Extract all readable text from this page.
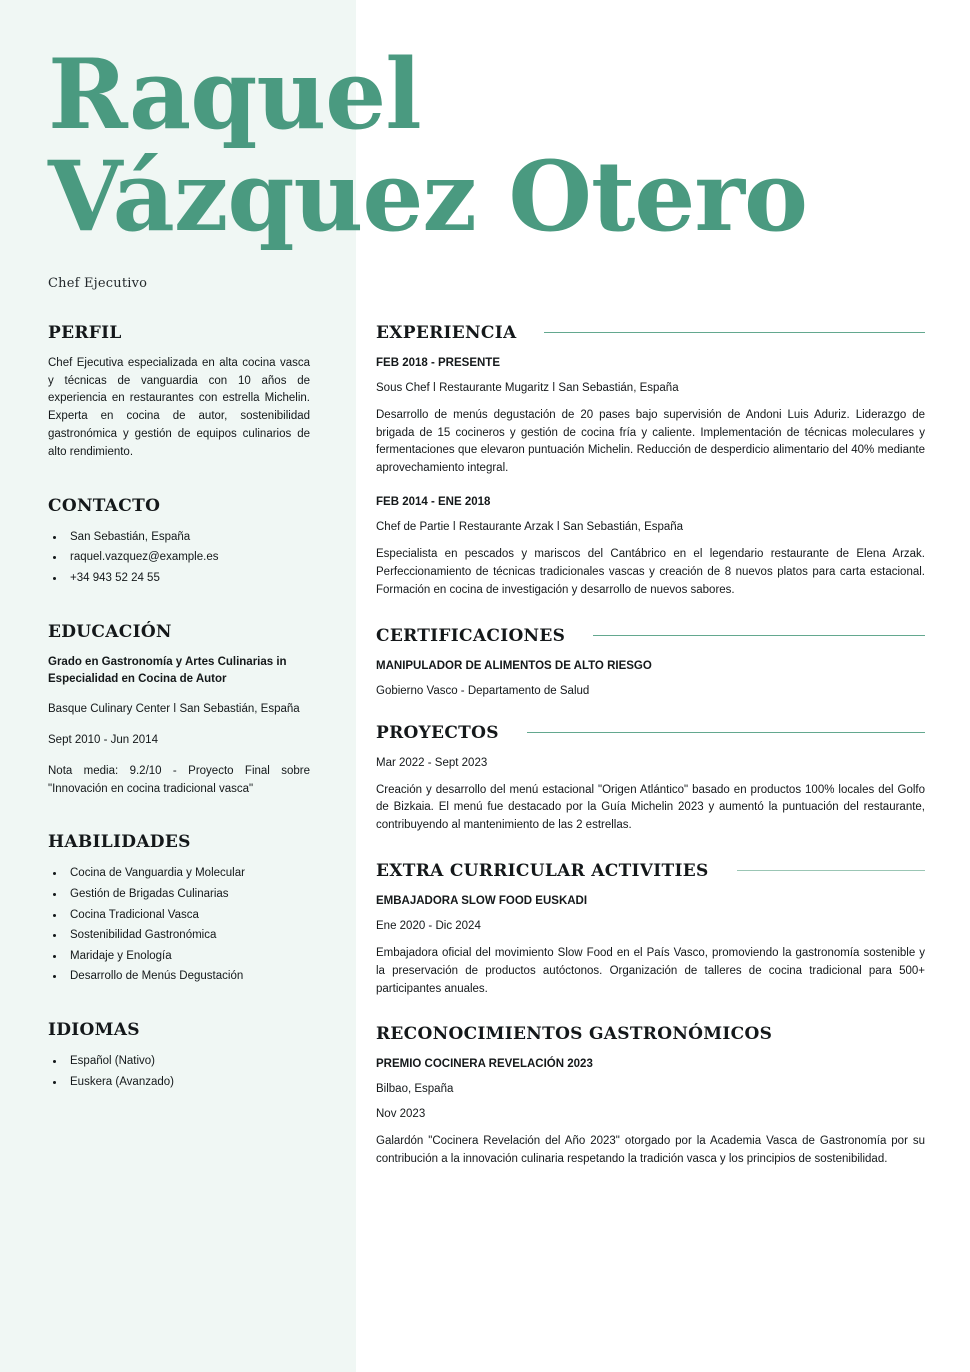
Raquel
Vázquez Otero
Chef Ejecutivo
PERFIL

Chef Ejecutiva especializada en alta cocina vasca y técnicas de vanguardia con 10 años de experiencia en restaurantes con estrella Michelin. Experta en cocina de autor, sostenibilidad gastronómica y gestión de equipos culinarios de alto rendimiento.

CONTACTO
San Sebastián, España
raquel.vazquez@example.es
+34 943 52 24 55
EDUCACIÓN

Grado en Gastronomía y Artes Culinarias in Especialidad en Cocina de Autor

Basque Culinary Center ǀ San Sebastián, España

Sept 2010 - Jun 2014

Nota media: 9.2/10 - Proyecto Final sobre "Innovación en cocina tradicional vasca"

HABILIDADES
Cocina de Vanguardia y Molecular
Gestión de Brigadas Culinarias
Cocina Tradicional Vasca
Sostenibilidad Gastronómica
Maridaje y Enología
Desarrollo de Menús Degustación
IDIOMAS
Español (Nativo)
Euskera (Avanzado)
EXPERIENCIA

FEB 2018 - PRESENTE

Sous Chef ǀ Restaurante Mugaritz ǀ San Sebastián, España

Desarrollo de menús degustación de 20 pases bajo supervisión de Andoni Luis Aduriz. Liderazgo de brigada de 15 cocineros y gestión de cocina fría y caliente. Implementación de técnicas moleculares y fermentaciones que elevaron puntuación Michelin. Reducción de desperdicio alimentario del 40% mediante aprovechamiento integral.

FEB 2014 - ENE 2018

Chef de Partie ǀ Restaurante Arzak ǀ San Sebastián, España

Especialista en pescados y mariscos del Cantábrico en el legendario restaurante de Elena Arzak. Perfeccionamiento de técnicas tradicionales vascas y creación de 8 nuevos platos para carta estacional. Formación en cocina de investigación y desarrollo de nuevos sabores.

CERTIFICACIONES

MANIPULADOR DE ALIMENTOS DE ALTO RIESGO

Gobierno Vasco - Departamento de Salud

PROYECTOS

Mar 2022 - Sept 2023

Creación y desarrollo del menú estacional "Origen Atlántico" basado en productos 100% locales del Golfo de Bizkaia. El menú fue destacado por la Guía Michelin 2023 y aumentó la puntuación del restaurante, contribuyendo al mantenimiento de las 2 estrellas.

EXTRA CURRICULAR ACTIVITIES

EMBAJADORA SLOW FOOD EUSKADI

Ene 2020 - Dic 2024

Embajadora oficial del movimiento Slow Food en el País Vasco, promoviendo la gastronomía sostenible y la preservación de productos autóctonos. Organización de talleres de cocina tradicional para 500+ participantes anuales.

RECONOCIMIENTOS GASTRONÓMICOS

PREMIO COCINERA REVELACIÓN 2023

Bilbao, España

Nov 2023

Galardón "Cocinera Revelación del Año 2023" otorgado por la Academia Vasca de Gastronomía por su contribución a la innovación culinaria respetando la tradición vasca y los principios de sostenibilidad.
